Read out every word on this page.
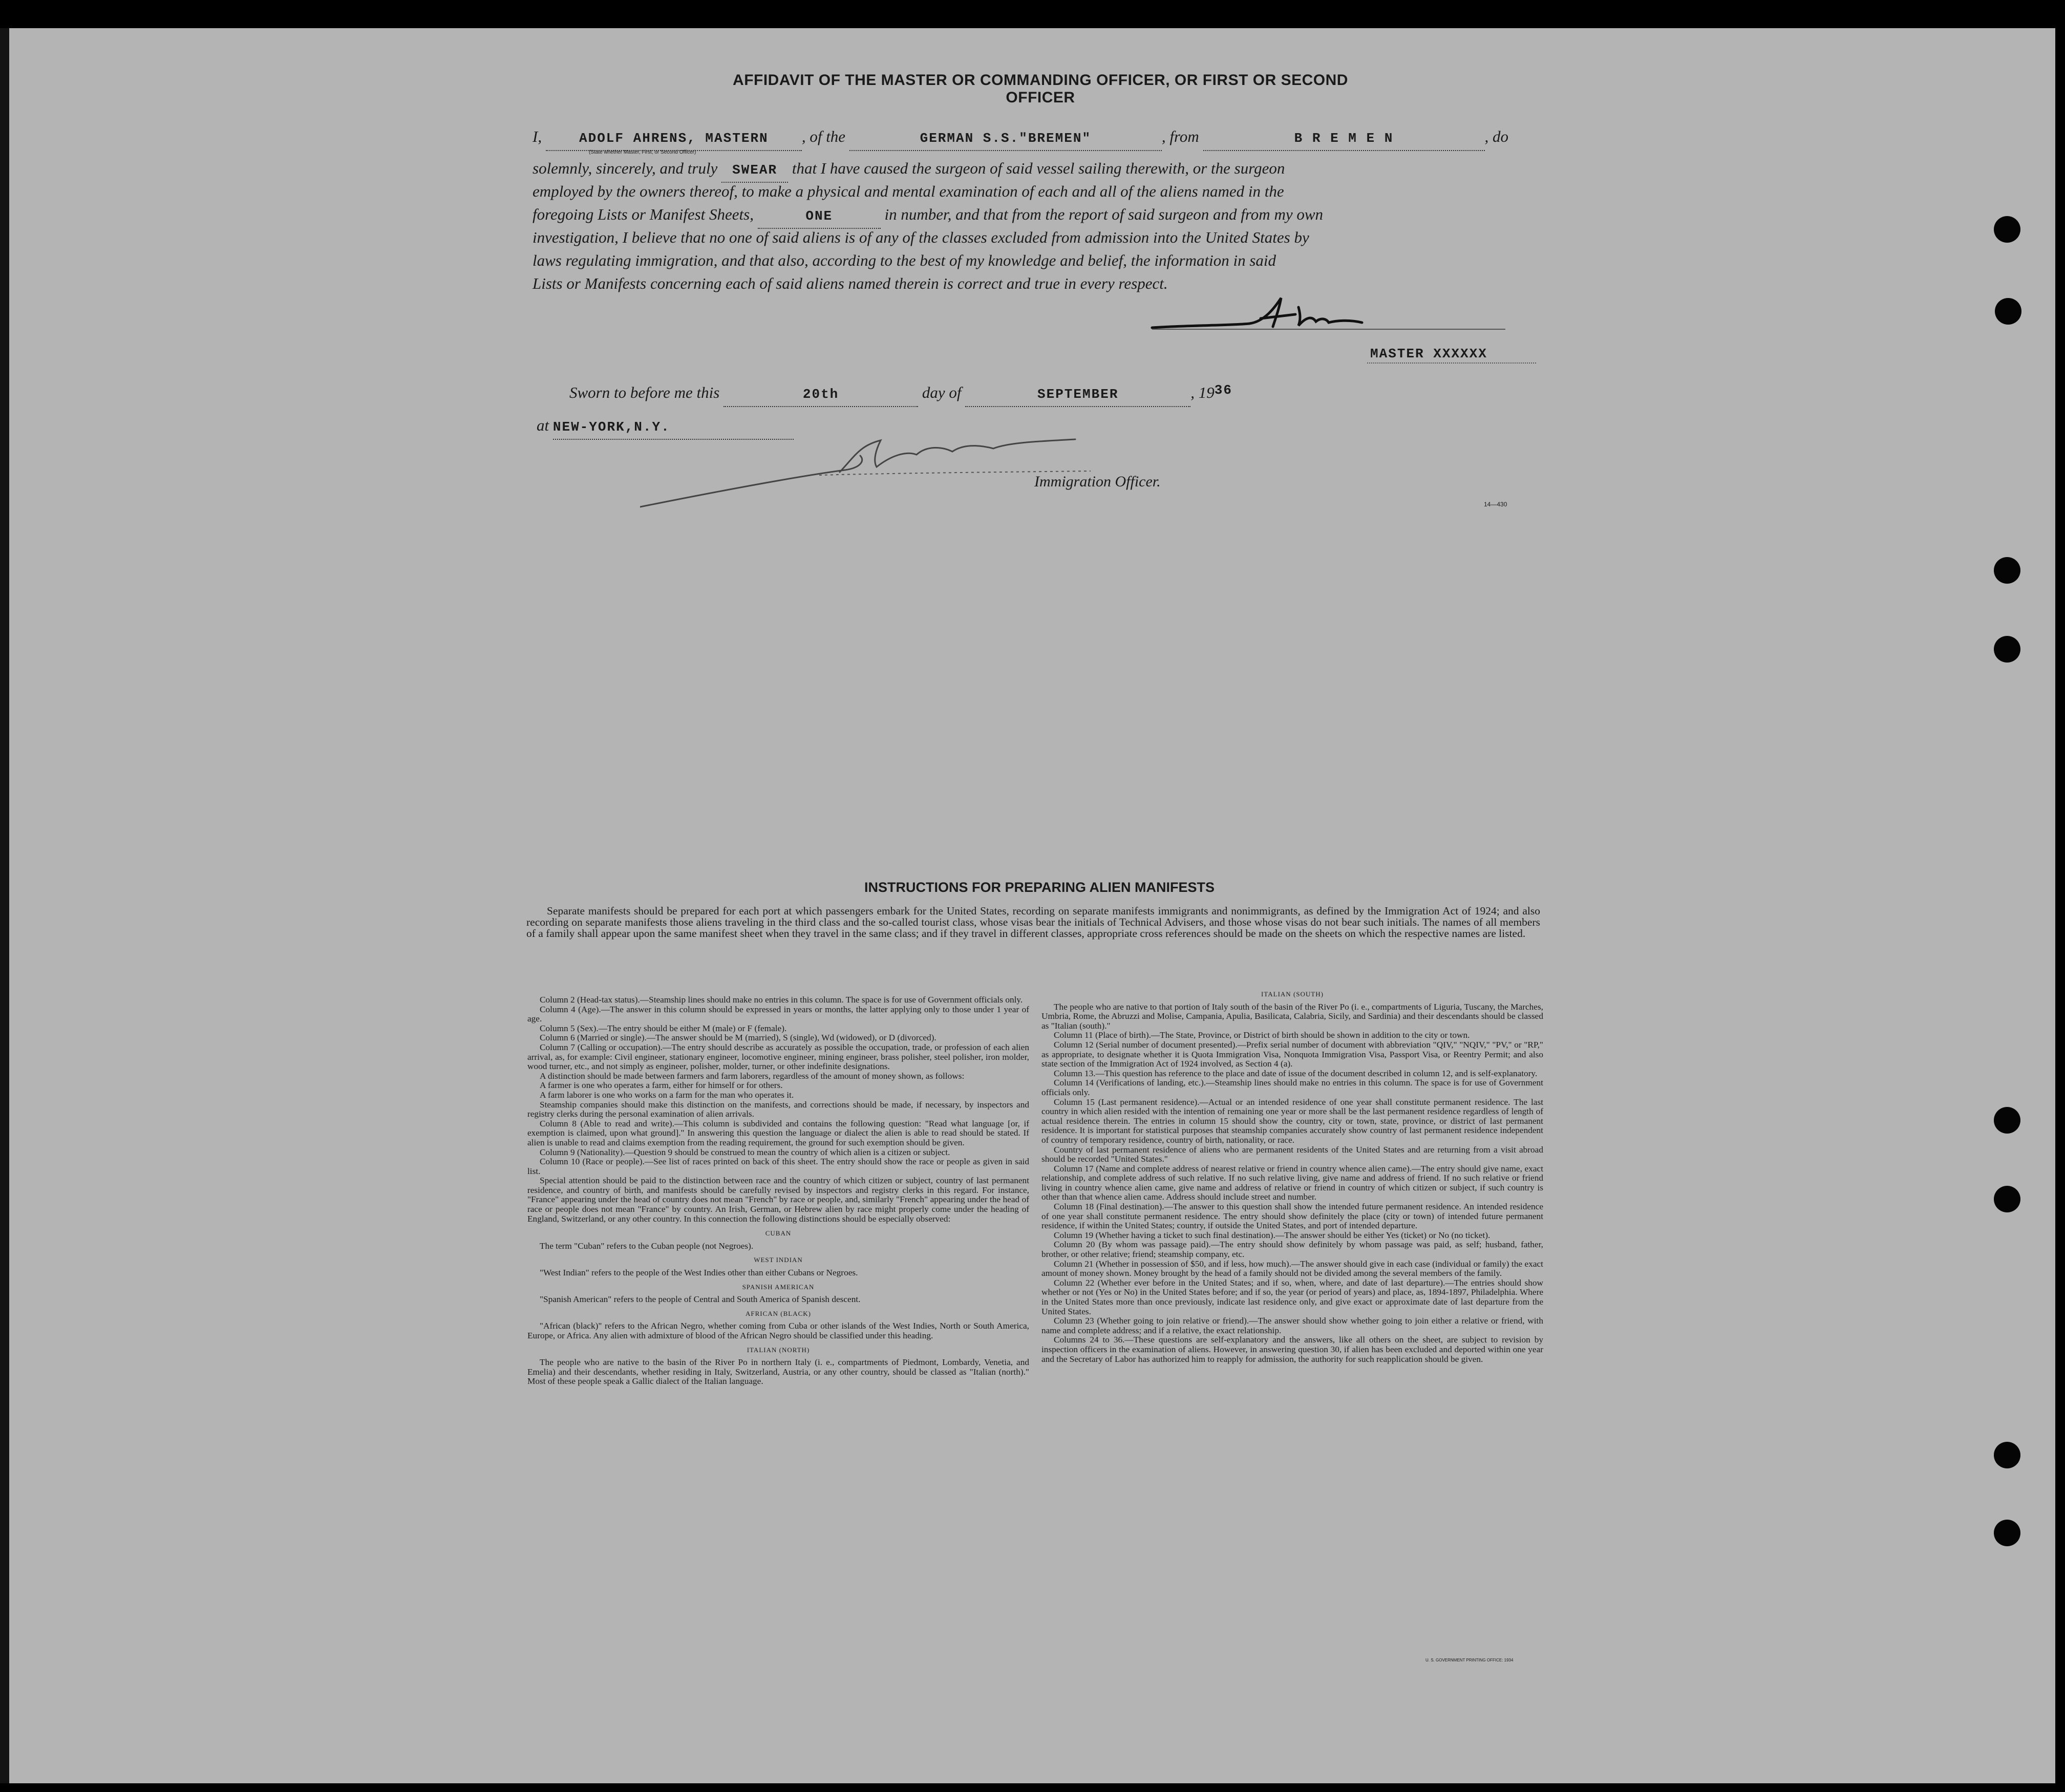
AFFIDAVIT OF THE MASTER OR COMMANDING OFFICER, OR FIRST OR SECOND OFFICER
I,	ADOLF AHRENS, MASTERN , of the	GERMAN S.S."BREMEN"	, from	B R E M E N	, do
(State whether Master, First, or Second Officer)
solemnly, sincerely, and truly SWEAR that I have caused the surgeon of said vessel sailing therewith, or the surgeon
employed by the owners thereof, to make a physical and mental examination of each and all of the aliens named in the
foregoing Lists or Manifest Sheets,	ONE	in number, and that from the report of said surgeon and from my own
investigation, I believe that no one of said aliens is of any of the classes excluded from admission into the United States by
laws regulating immigration, and that also, according to the best of my knowledge and belief, the information in said
Lists or Manifests concerning each of said aliens named therein is correct and true in every respect.
MASTER XXXXXX
Sworn to before me this	20th	day of	SEPTEMBER	, $19^{36}$
at NEW-YORK,N.Y.
Immigration Officer.
14—430
INSTRUCTIONS FOR PREPARING ALIEN MANIFESTS

Separate manifests should be prepared for each port at which passengers embark for the United States, recording on separate manifests immigrants and nonimmigrants, as defined by the Immigration Act of 1924; and also recording on separate manifests those aliens traveling in the third class and the so-called tourist class, whose visas bear the initials of Technical Advisers, and those whose visas do not bear such initials. The names of all members of a family shall appear upon the same manifest sheet when they travel in the same class; and if they travel in different classes, appropriate cross references should be made on the sheets on which the respective names are listed.

Column 2 (Head-tax status).—Steamship lines should make no entries in this column. The space is for use of Government officials only.

Column 4 (Age).—The answer in this column should be expressed in years or months, the latter applying only to those under 1 year of age.

Column 5 (Sex).—The entry should be either M (male) or F (female).

Column 6 (Married or single).—The answer should be M (married), S (single), Wd (widowed), or D (divorced).

Column 7 (Calling or occupation).—The entry should describe as accurately as possible the occupation, trade, or profession of each alien arrival, as, for example: Civil engineer, stationary engineer, locomotive engineer, mining engineer, brass polisher, steel polisher, iron molder, wood turner, etc., and not simply as engineer, polisher, molder, turner, or other indefinite designations.

A distinction should be made between farmers and farm laborers, regardless of the amount of money shown, as follows:

A farmer is one who operates a farm, either for himself or for others.

A farm laborer is one who works on a farm for the man who operates it.

Steamship companies should make this distinction on the manifests, and corrections should be made, if necessary, by inspectors and registry clerks during the personal examination of alien arrivals.

Column 8 (Able to read and write).—This column is subdivided and contains the following question: "Read what language [or, if exemption is claimed, upon what ground]." In answering this question the language or dialect the alien is able to read should be stated. If alien is unable to read and claims exemption from the reading requirement, the ground for such exemption should be given.

Column 9 (Nationality).—Question 9 should be construed to mean the country of which alien is a citizen or subject.

Column 10 (Race or people).—See list of races printed on back of this sheet. The entry should show the race or people as given in said list.

Special attention should be paid to the distinction between race and the country of which citizen or subject, country of last permanent residence, and country of birth, and manifests should be carefully revised by inspectors and registry clerks in this regard. For instance, "France" appearing under the head of country does not mean "French" by race or people, and, similarly "French" appearing under the head of race or people does not mean "France" by country. An Irish, German, or Hebrew alien by race might properly come under the heading of England, Switzerland, or any other country. In this connection the following distinctions should be especially observed:

CUBAN

The term "Cuban" refers to the Cuban people (not Negroes).

WEST INDIAN

"West Indian" refers to the people of the West Indies other than either Cubans or Negroes.

SPANISH AMERICAN

"Spanish American" refers to the people of Central and South America of Spanish descent.

AFRICAN (BLACK)

"African (black)" refers to the African Negro, whether coming from Cuba or other islands of the West Indies, North or South America, Europe, or Africa. Any alien with admixture of blood of the African Negro should be classified under this heading.

ITALIAN (NORTH)

The people who are native to the basin of the River Po in northern Italy (i. e., compartments of Piedmont, Lombardy, Venetia, and Emelia) and their descendants, whether residing in Italy, Switzerland, Austria, or any other country, should be classed as "Italian (north)." Most of these people speak a Gallic dialect of the Italian language.

ITALIAN (SOUTH)

The people who are native to that portion of Italy south of the basin of the River Po (i. e., compartments of Liguria, Tuscany, the Marches, Umbria, Rome, the Abruzzi and Molise, Campania, Apulia, Basilicata, Calabria, Sicily, and Sardinia) and their descendants should be classed as "Italian (south)."

Column 11 (Place of birth).—The State, Province, or District of birth should be shown in addition to the city or town.

Column 12 (Serial number of document presented).—Prefix serial number of document with abbreviation "QIV," "NQIV," "PV," or "RP," as appropriate, to designate whether it is Quota Immigration Visa, Nonquota Immigration Visa, Passport Visa, or Reentry Permit; and also state section of the Immigration Act of 1924 involved, as Section 4 (a).

Column 13.—This question has reference to the place and date of issue of the document described in column 12, and is self-explanatory.

Column 14 (Verifications of landing, etc.).—Steamship lines should make no entries in this column. The space is for use of Government officials only.

Column 15 (Last permanent residence).—Actual or an intended residence of one year shall constitute permanent residence. The last country in which alien resided with the intention of remaining one year or more shall be the last permanent residence regardless of length of actual residence therein. The entries in column 15 should show the country, city or town, state, province, or district of last permanent residence. It is important for statistical purposes that steamship companies accurately show country of last permanent residence independent of country of temporary residence, country of birth, nationality, or race.

Country of last permanent residence of aliens who are permanent residents of the United States and are returning from a visit abroad should be recorded "United States."

Column 17 (Name and complete address of nearest relative or friend in country whence alien came).—The entry should give name, exact relationship, and complete address of such relative. If no such relative living, give name and address of friend. If no such relative or friend living in country whence alien came, give name and address of relative or friend in country of which citizen or subject, if such country is other than that whence alien came. Address should include street and number.

Column 18 (Final destination).—The answer to this question shall show the intended future permanent residence. An intended residence of one year shall constitute permanent residence. The entry should show definitely the place (city or town) of intended future permanent residence, if within the United States; country, if outside the United States, and port of intended departure.

Column 19 (Whether having a ticket to such final destination).—The answer should be either Yes (ticket) or No (no ticket).

Column 20 (By whom was passage paid).—The entry should show definitely by whom passage was paid, as self; husband, father, brother, or other relative; friend; steamship company, etc.

Column 21 (Whether in possession of $50, and if less, how much).—The answer should give in each case (individual or family) the exact amount of money shown. Money brought by the head of a family should not be divided among the several members of the family.

Column 22 (Whether ever before in the United States; and if so, when, where, and date of last departure).—The entries should show whether or not (Yes or No) in the United States before; and if so, the year (or period of years) and place, as, 1894-1897, Philadelphia. Where in the United States more than once previously, indicate last residence only, and give exact or approximate date of last departure from the United States.

Column 23 (Whether going to join relative or friend).—The answer should show whether going to join either a relative or friend, with name and complete address; and if a relative, the exact relationship.

Columns 24 to 36.—These questions are self-explanatory and the answers, like all others on the sheet, are subject to revision by inspection officers in the examination of aliens. However, in answering question 30, if alien has been excluded and deported within one year and the Secretary of Labor has authorized him to reapply for admission, the authority for such reapplication should be given.

U. S. GOVERNMENT PRINTING OFFICE: 1934
